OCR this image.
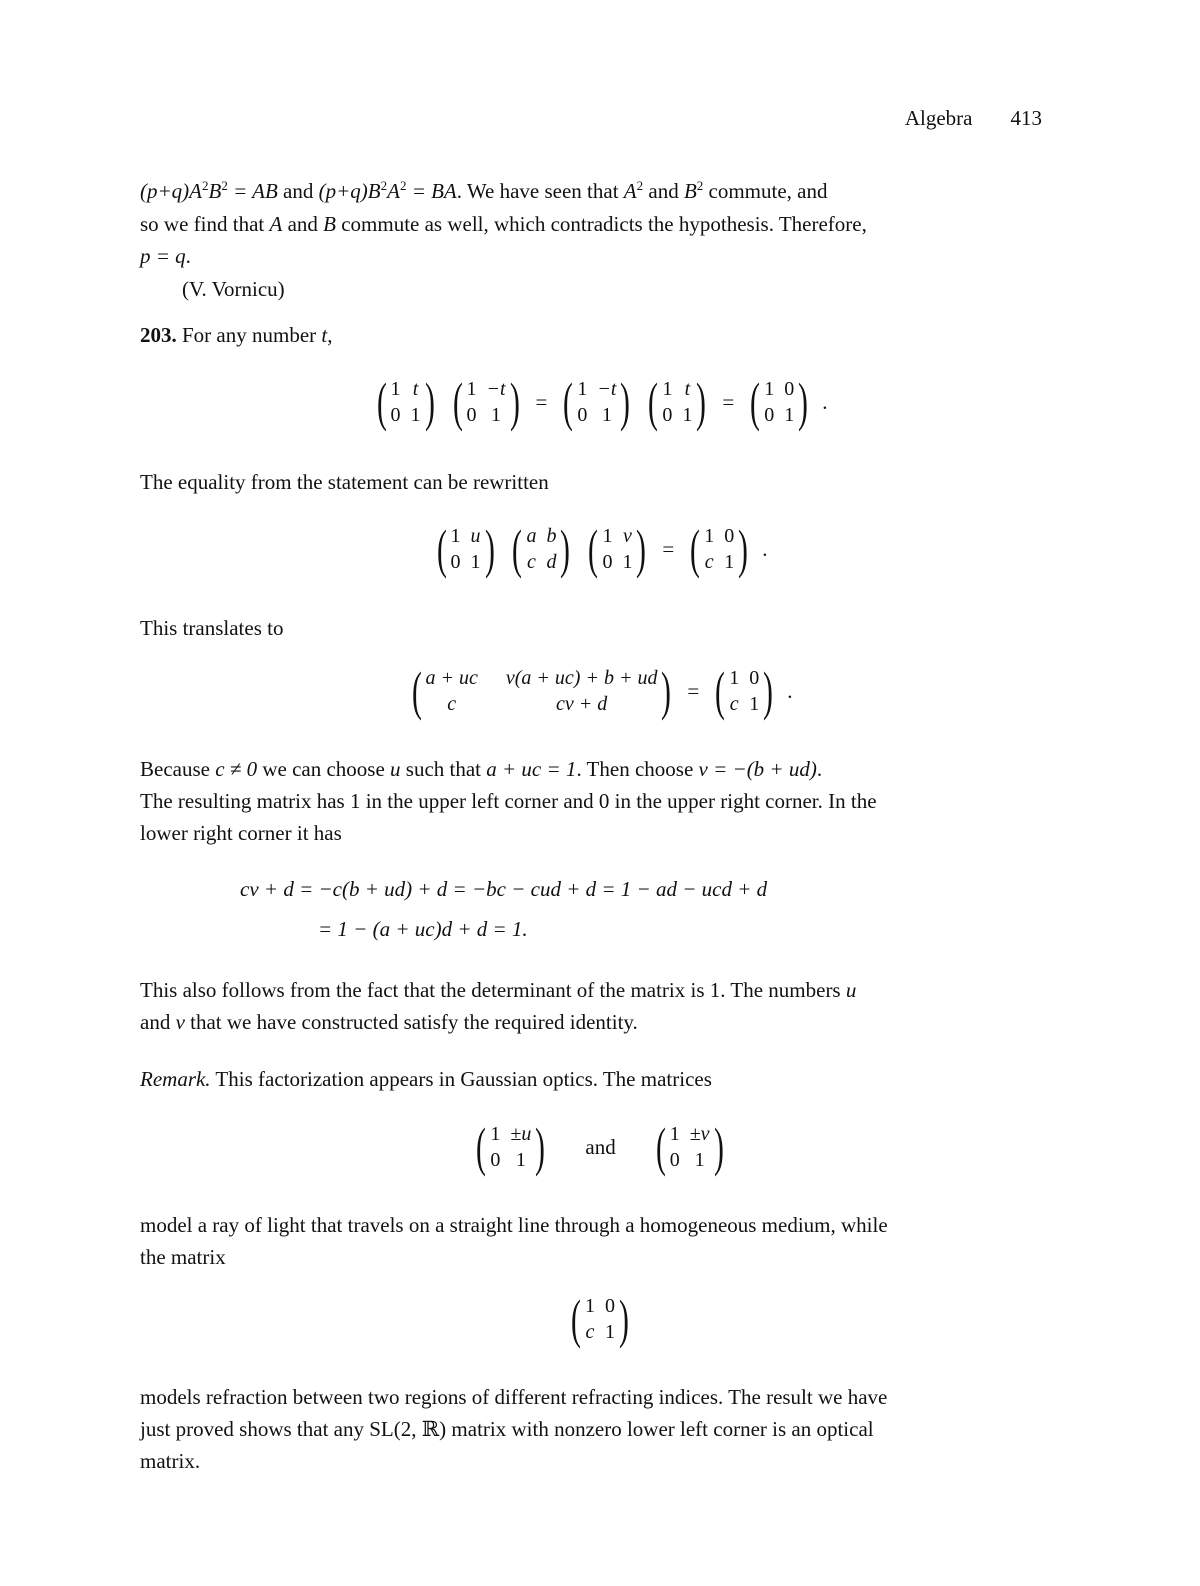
Algebra 413
$(p+q)A^2B^2$ = AB and $(p+q)B^2A^2$ = BA. We have seen that $A^2$ and $B^2$ commute, and
so we find that A and B commute as well, which contradicts the hypothesis. Therefore,
p = q.
(V. Vornicu)
203. For any number t,
( 1 t
0 1 ) ( 1 −t
0 1 ) = ( 1 −t
0 1 ) ( 1 t
0 1 ) = ( 1 0
0 1 ) .
The equality from the statement can be rewritten
( 1 u
0 1 ) ( a b
c d ) ( 1 v
0 1 ) = ( 1 0
c 1 ) .
This translates to
( a + uc v(a + uc) + b + ud
c	cv + d	) = ( 1 0
c 1 ) .
Because c ≠ 0 we can choose u such that a + uc = 1. Then choose v = −(b + ud).
The resulting matrix has 1 in the upper left corner and 0 in the upper right corner. In the
lower right corner it has
cv + d = −c(b + ud) + d = −bc − cud + d = 1 − ad − ucd + d
= 1 − (a + uc)d + d = 1.
This also follows from the fact that the determinant of the matrix is 1. The numbers u
and v that we have constructed satisfy the required identity.
Remark. This factorization appears in Gaussian optics. The matrices
( 1 ±u
0 1 ) and ( 1 ±v
0 1 )
model a ray of light that travels on a straight line through a homogeneous medium, while
the matrix
( 1 0
c 1 )
models refraction between two regions of different refracting indices. The result we have
just proved shows that any SL(2, ℝ) matrix with nonzero lower left corner is an optical
matrix.
